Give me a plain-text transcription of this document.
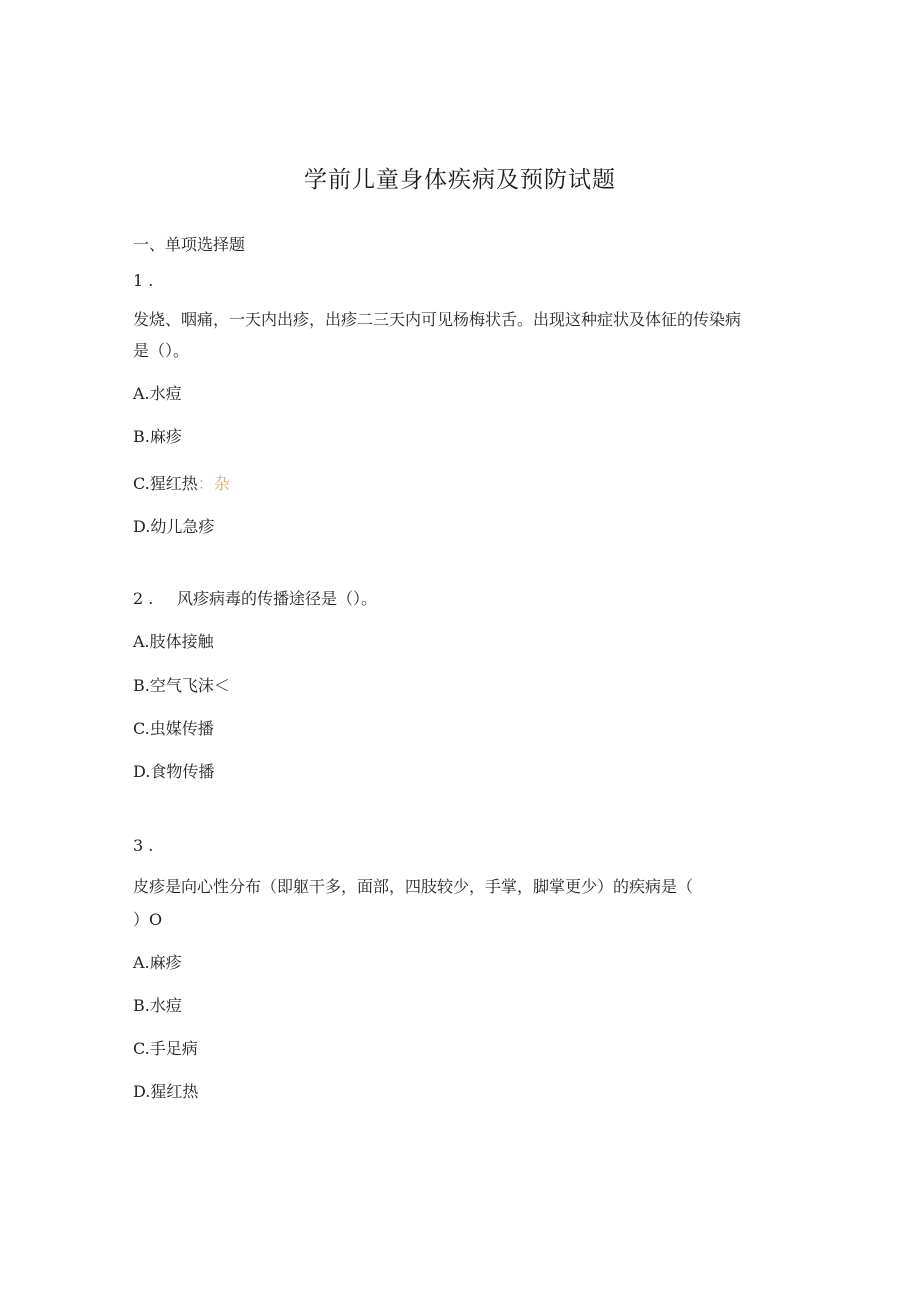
学前儿童身体疾病及预防试题
一、单项选择题
1 .
发烧、咽痛，一天内出疹，出疹二三天内可见杨梅状舌。出现这种症状及体征的传染病
是（）。
A.水痘
B.麻疹
C.猩红热：杂
D.幼儿急疹
2 . 风疹病毒的传播途径是（）。
A.肢体接触
B.空气飞沫＜
C.虫媒传播
D.食物传播
3 .
皮疹是向心性分布（即躯干多，面部，四肢较少，手掌，脚掌更少）的疾病是（
）O
A.麻疹
B.水痘
C.手足病
D.猩红热
